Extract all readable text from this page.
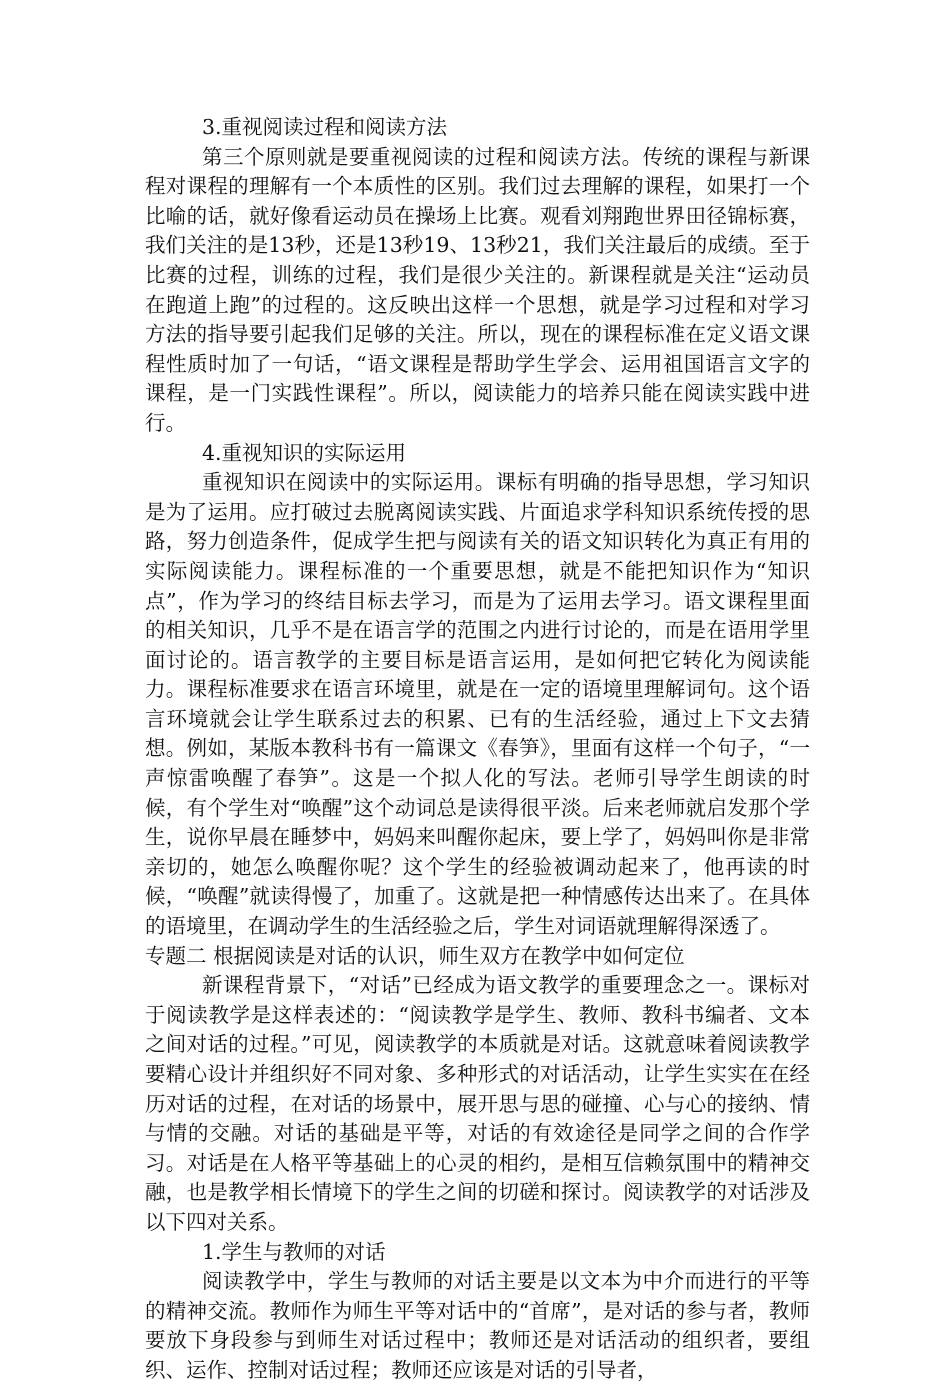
3.重视阅读过程和阅读方法

第三个原则就是要重视阅读的过程和阅读方法。传统的课程与新课程对课程的理解有一个本质性的区别。我们过去理解的课程，如果打一个比喻的话，就好像看运动员在操场上比赛。观看刘翔跑世界田径锦标赛，我们关注的是13秒，还是13秒19、13秒21，我们关注最后的成绩。至于比赛的过程，训练的过程，我们是很少关注的。新课程就是关注“运动员在跑道上跑”的过程的。这反映出这样一个思想，就是学习过程和对学习方法的指导要引起我们足够的关注。所以，现在的课程标准在定义语文课程性质时加了一句话，“语文课程是帮助学生学会、运用祖国语言文字的课程，是一门实践性课程”。所以，阅读能力的培养只能在阅读实践中进行。

4.重视知识的实际运用

重视知识在阅读中的实际运用。课标有明确的指导思想，学习知识是为了运用。应打破过去脱离阅读实践、片面追求学科知识系统传授的思路，努力创造条件，促成学生把与阅读有关的语文知识转化为真正有用的实际阅读能力。课程标准的一个重要思想，就是不能把知识作为“知识点”，作为学习的终结目标去学习，而是为了运用去学习。语文课程里面的相关知识，几乎不是在语言学的范围之内进行讨论的，而是在语用学里面讨论的。语言教学的主要目标是语言运用，是如何把它转化为阅读能力。课程标准要求在语言环境里，就是在一定的语境里理解词句。这个语言环境就会让学生联系过去的积累、已有的生活经验，通过上下文去猜想。例如，某版本教科书有一篇课文《春笋》，里面有这样一个句子，“一声惊雷唤醒了春笋”。这是一个拟人化的写法。老师引导学生朗读的时候，有个学生对“唤醒”这个动词总是读得很平淡。后来老师就启发那个学生，说你早晨在睡梦中，妈妈来叫醒你起床，要上学了，妈妈叫你是非常亲切的，她怎么唤醒你呢？这个学生的经验被调动起来了，他再读的时候，“唤醒”就读得慢了，加重了。这就是把一种情感传达出来了。在具体的语境里，在调动学生的生活经验之后，学生对词语就理解得深透了。

专题二 根据阅读是对话的认识，师生双方在教学中如何定位

新课程背景下，“对话”已经成为语文教学的重要理念之一。课标对于阅读教学是这样表述的：“阅读教学是学生、教师、教科书编者、文本之间对话的过程。”可见，阅读教学的本质就是对话。这就意味着阅读教学要精心设计并组织好不同对象、多种形式的对话活动，让学生实实在在经历对话的过程，在对话的场景中，展开思与思的碰撞、心与心的接纳、情与情的交融。对话的基础是平等，对话的有效途径是同学之间的合作学习。对话是在人格平等基础上的心灵的相约，是相互信赖氛围中的精神交融，也是教学相长情境下的学生之间的切磋和探讨。阅读教学的对话涉及以下四对关系。

1.学生与教师的对话

阅读教学中，学生与教师的对话主要是以文本为中介而进行的平等的精神交流。教师作为师生平等对话中的“首席”，是对话的参与者，教师要放下身段参与到师生对话过程中；教师还是对话活动的组织者，要组织、运作、控制对话过程；教师还应该是对话的引导者，
